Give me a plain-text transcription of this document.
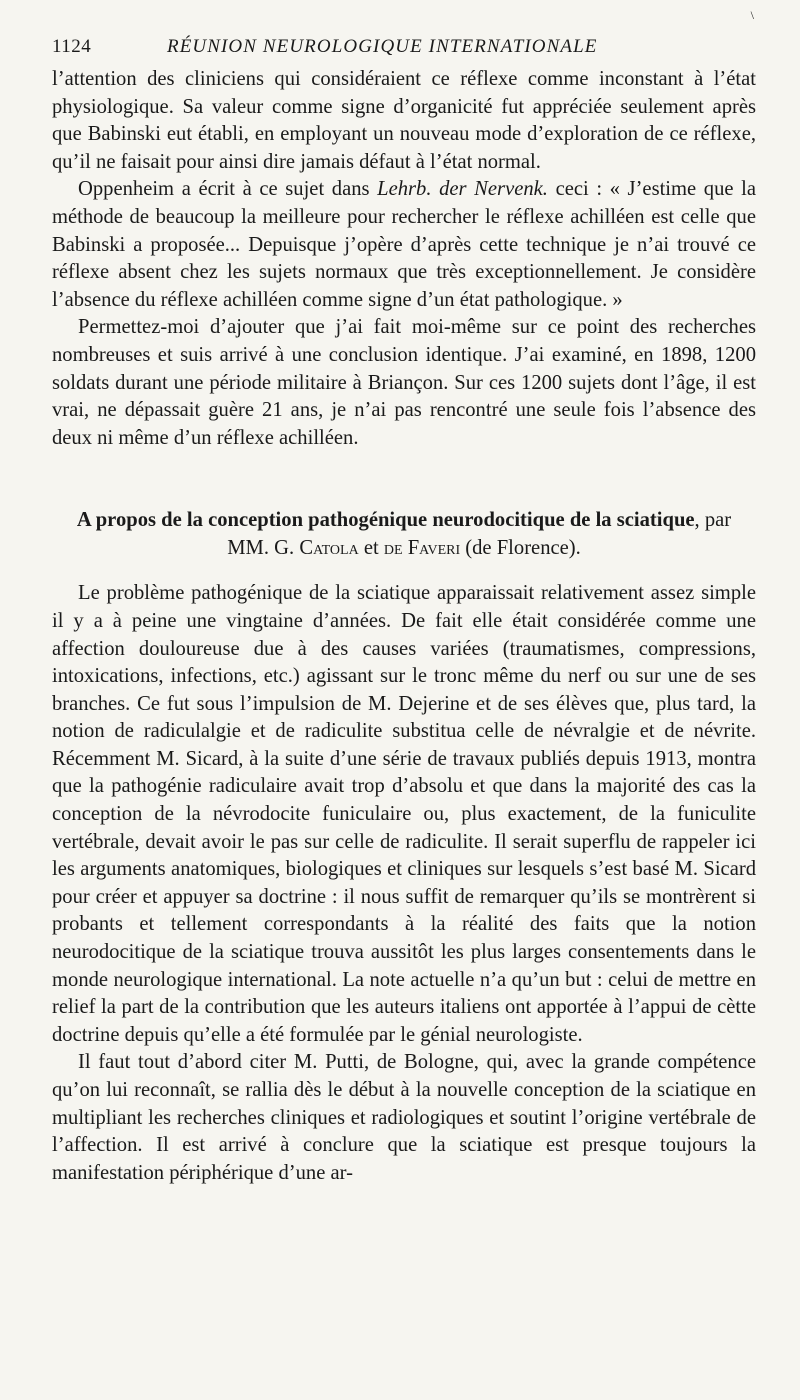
\
1124	RÉUNION NEUROLOGIQUE INTERNATIONALE

l’attention des cliniciens qui considéraient ce réflexe comme inconstant à l’état physiologique. Sa valeur comme signe d’organicité fut appréciée seulement après que Babinski eut établi, en employant un nouveau mode d’exploration de ce réflexe, qu’il ne faisait pour ainsi dire jamais défaut à l’état normal.

Oppenheim a écrit à ce sujet dans Lehrb. der Nervenk. ceci : « J’estime que la méthode de beaucoup la meilleure pour rechercher le réflexe achilléen est celle que Babinski a proposée... Depuisque j’opère d’après cette technique je n’ai trouvé ce réflexe absent chez les sujets normaux que très exceptionnellement. Je considère l’absence du réflexe achilléen comme signe d’un état pathologique. »

Permettez-moi d’ajouter que j’ai fait moi-même sur ce point des recherches nombreuses et suis arrivé à une conclusion identique. J’ai examiné, en 1898, 1200 soldats durant une période militaire à Briançon. Sur ces 1200 sujets dont l’âge, il est vrai, ne dépassait guère 21 ans, je n’ai pas rencontré une seule fois l’absence des deux ni même d’un réflexe achilléen.

A propos de la conception pathogénique neurodocitique de la sciatique, par MM. G. Catola et de Faveri (de Florence).

Le problème pathogénique de la sciatique apparaissait relativement assez simple il y a à peine une vingtaine d’années. De fait elle était considérée comme une affection douloureuse due à des causes variées (traumatismes, compressions, intoxications, infections, etc.) agissant sur le tronc même du nerf ou sur une de ses branches. Ce fut sous l’impulsion de M. Dejerine et de ses élèves que, plus tard, la notion de radiculalgie et de radiculite substitua celle de névralgie et de névrite. Récemment M. Sicard, à la suite d’une série de travaux publiés depuis 1913, montra que la pathogénie radiculaire avait trop d’absolu et que dans la majorité des cas la conception de la névrodocite funiculaire ou, plus exactement, de la funiculite vertébrale, devait avoir le pas sur celle de radiculite. Il serait superflu de rappeler ici les arguments anatomiques, biologiques et cliniques sur lesquels s’est basé M. Sicard pour créer et appuyer sa doctrine : il nous suffit de remarquer qu’ils se montrèrent si probants et tellement correspondants à la réalité des faits que la notion neurodocitique de la sciatique trouva aussitôt les plus larges consentements dans le monde neurologique international. La note actuelle n’a qu’un but : celui de mettre en relief la part de la contribution que les auteurs italiens ont apportée à l’appui de cètte doctrine depuis qu’elle a été formulée par le génial neurologiste.

Il faut tout d’abord citer M. Putti, de Bologne, qui, avec la grande compétence qu’on lui reconnaît, se rallia dès le début à la nouvelle conception de la sciatique en multipliant les recherches cliniques et radiologiques et soutint l’origine vertébrale de l’affection. Il est arrivé à conclure que la sciatique est presque toujours la manifestation périphérique d’une ar-
